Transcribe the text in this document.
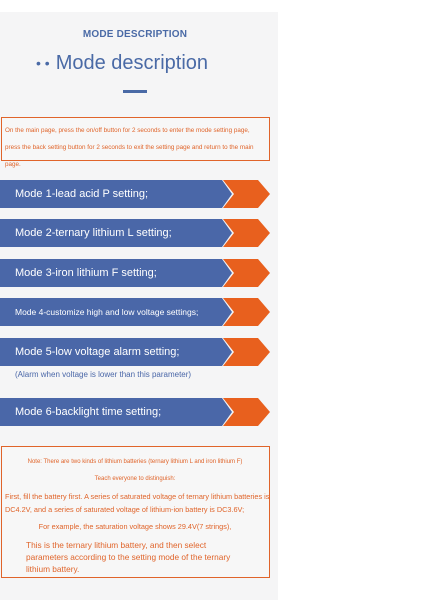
MODE DESCRIPTION
• • Mode description

On the main page, press the on/off button for 2 seconds to enter the mode setting page, press the back setting button for 2 seconds to exit the setting page and return to the main page.

Mode 1-lead acid P setting;
Mode 2-ternary lithium L setting;
Mode 3-iron lithium F setting;
Mode 4-customize high and low voltage settings;
Mode 5-low voltage alarm setting;
(Alarm when voltage is lower than this parameter)
Mode 6-backlight time setting;
Note: There are two kinds of lithium batteries (ternary lithium L and iron lithium F)
Teach everyone to distinguish:
First, fill the battery first. A series of saturated voltage of ternary lithium batteries is
DC4.2V, and a series of saturated voltage of lithium-ion battery is DC3.6V;
For example, the saturation voltage shows 29.4V(7 strings),
This is the ternary lithium battery, and then select
parameters according to the setting mode of the ternary
lithium battery.
